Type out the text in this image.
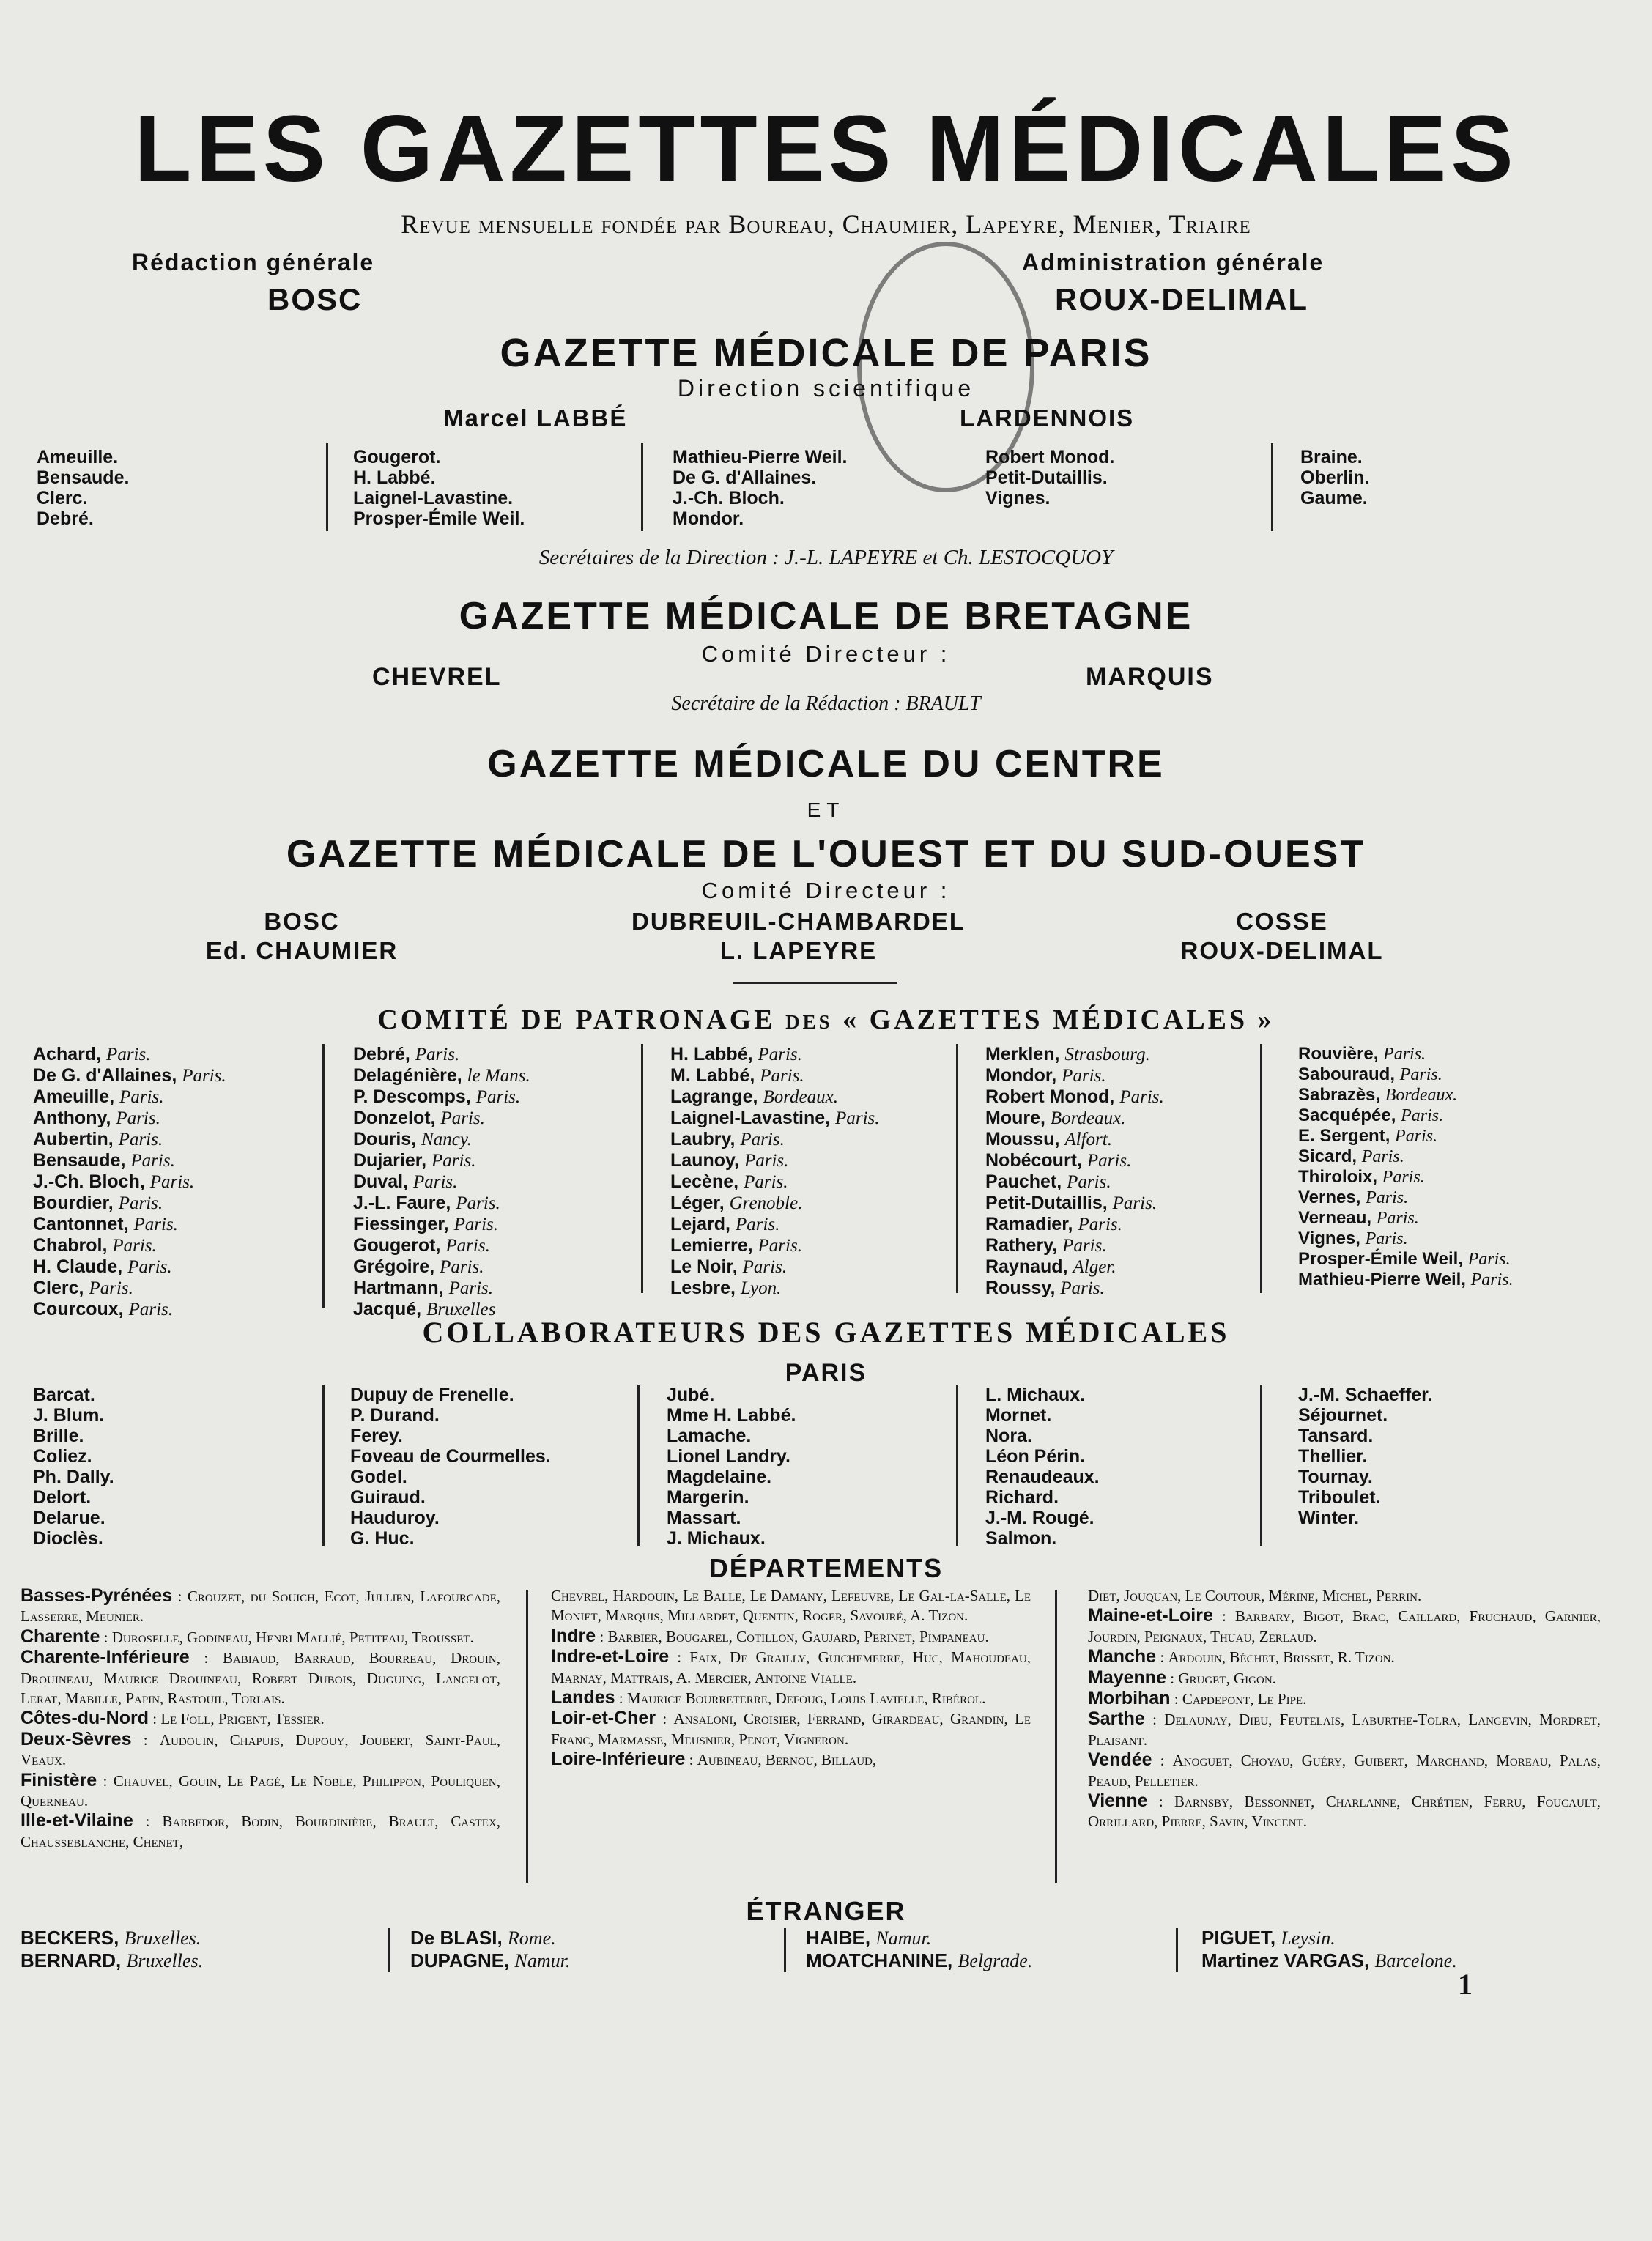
LES GAZETTES MÉDICALES
Revue mensuelle fondée par Boureau, Chaumier, Lapeyre, Menier, Triaire
Rédaction générale
BOSC
Administration générale
ROUX-DELIMAL
GAZETTE MÉDICALE DE PARIS
Direction scientifique
Marcel LABBÉ	LARDENNOIS
Ameuille.
Bensaude.
Clerc.
Debré.
Gougerot.
H. Labbé.
Laignel-Lavastine.
Prosper-Émile Weil.
Mathieu-Pierre Weil.
De G. d'Allaines.
J.-Ch. Bloch.
Mondor.
Robert Monod.
Petit-Dutaillis.
Vignes.
Braine.
Oberlin.
Gaume.
Secrétaires de la Direction : J.-L. LAPEYRE et Ch. LESTOCQUOY
GAZETTE MÉDICALE DE BRETAGNE
Comité Directeur :
CHEVREL	MARQUIS
Secrétaire de la Rédaction : BRAULT
GAZETTE MÉDICALE DU CENTRE
ET
GAZETTE MÉDICALE DE L'OUEST ET DU SUD-OUEST
Comité Directeur :
BOSC
Ed. CHAUMIER
DUBREUIL-CHAMBARDEL
L. LAPEYRE
COSSE
ROUX-DELIMAL
COMITÉ DE PATRONAGE des « GAZETTES MÉDICALES »
Achard, Paris.
De G. d'Allaines, Paris.
Ameuille, Paris.
Anthony, Paris.
Aubertin, Paris.
Bensaude, Paris.
J.-Ch. Bloch, Paris.
Bourdier, Paris.
Cantonnet, Paris.
Chabrol, Paris.
H. Claude, Paris.
Clerc, Paris.
Courcoux, Paris.
Debré, Paris.
Delagénière, le Mans.
P. Descomps, Paris.
Donzelot, Paris.
Douris, Nancy.
Dujarier, Paris.
Duval, Paris.
J.-L. Faure, Paris.
Fiessinger, Paris.
Gougerot, Paris.
Grégoire, Paris.
Hartmann, Paris.
Jacqué, Bruxelles
H. Labbé, Paris.
M. Labbé, Paris.
Lagrange, Bordeaux.
Laignel-Lavastine, Paris.
Laubry, Paris.
Launoy, Paris.
Lecène, Paris.
Léger, Grenoble.
Lejard, Paris.
Lemierre, Paris.
Le Noir, Paris.
Lesbre, Lyon.
Merklen, Strasbourg.
Mondor, Paris.
Robert Monod, Paris.
Moure, Bordeaux.
Moussu, Alfort.
Nobécourt, Paris.
Pauchet, Paris.
Petit-Dutaillis, Paris.
Ramadier, Paris.
Rathery, Paris.
Raynaud, Alger.
Roussy, Paris.
Rouvière, Paris.
Sabouraud, Paris.
Sabrazès, Bordeaux.
Sacquépée, Paris.
E. Sergent, Paris.
Sicard, Paris.
Thiroloix, Paris.
Vernes, Paris.
Verneau, Paris.
Vignes, Paris.
Prosper-Émile Weil, Paris.
Mathieu-Pierre Weil, Paris.
COLLABORATEURS DES GAZETTES MÉDICALES
PARIS
Barcat.
J. Blum.
Brille.
Coliez.
Ph. Dally.
Delort.
Delarue.
Dioclès.
Dupuy de Frenelle.
P. Durand.
Ferey.
Foveau de Courmelles.
Godel.
Guiraud.
Hauduroy.
G. Huc.
Jubé.
Mme H. Labbé.
Lamache.
Lionel Landry.
Magdelaine.
Margerin.
Massart.
J. Michaux.
L. Michaux.
Mornet.
Nora.
Léon Périn.
Renaudeaux.
Richard.
J.-M. Rougé.
Salmon.
J.-M. Schaeffer.
Séjournet.
Tansard.
Thellier.
Tournay.
Triboulet.
Winter.
DÉPARTEMENTS

Basses-Pyrénées : Crouzet, du Souich, Ecot, Jullien, Lafourcade, Lasserre, Meunier.

Charente : Duroselle, Godineau, Henri Mallié, Petiteau, Trousset.

Charente-Inférieure : Babiaud, Barraud, Bourreau, Drouin, Drouineau, Maurice Drouineau, Robert Dubois, Duguing, Lancelot, Lerat, Mabille, Papin, Rastouil, Torlais.

Côtes-du-Nord : Le Foll, Prigent, Tessier.

Deux-Sèvres : Audouin, Chapuis, Dupouy, Joubert, Saint-Paul, Veaux.

Finistère : Chauvel, Gouin, Le Pagé, Le Noble, Philippon, Pouliquen, Querneau.

Ille-et-Vilaine : Barbedor, Bodin, Bourdinière, Brault, Castex, Chausseblanche, Chenet,

Chevrel, Hardouin, Le Balle, Le Damany, Lefeuvre, Le Gal-la-Salle, Le Moniet, Marquis, Millardet, Quentin, Roger, Savouré, A. Tizon.

Indre : Barbier, Bougarel, Cotillon, Gaujard, Perinet, Pimpaneau.

Indre-et-Loire : Faix, De Grailly, Guichemerre, Huc, Mahoudeau, Marnay, Mattrais, A. Mercier, Antoine Vialle.

Landes : Maurice Bourreterre, Defoug, Louis Lavielle, Ribérol.

Loir-et-Cher : Ansaloni, Croisier, Ferrand, Girardeau, Grandin, Le Franc, Marmasse, Meusnier, Penot, Vigneron.

Loire-Inférieure : Aubineau, Bernou, Billaud,

Diet, Jouquan, Le Coutour, Mérine, Michel, Perrin.

Maine-et-Loire : Barbary, Bigot, Brac, Caillard, Fruchaud, Garnier, Jourdin, Peignaux, Thuau, Zerlaud.

Manche : Ardouin, Béchet, Brisset, R. Tizon.

Mayenne : Gruget, Gigon.

Morbihan : Capdepont, Le Pipe.

Sarthe : Delaunay, Dieu, Feutelais, Laburthe-Tolra, Langevin, Mordret, Plaisant.

Vendée : Anoguet, Choyau, Guéry, Guibert, Marchand, Moreau, Palas, Peaud, Pelletier.

Vienne : Barnsby, Bessonnet, Charlanne, Chrétien, Ferru, Foucault, Orrillard, Pierre, Savin, Vincent.

ÉTRANGER
BECKERS, Bruxelles.
BERNARD, Bruxelles.
De BLASI, Rome.
DUPAGNE, Namur.
HAIBE, Namur.
MOATCHANINE, Belgrade.
PIGUET, Leysin.
Martinez VARGAS, Barcelone.
1
